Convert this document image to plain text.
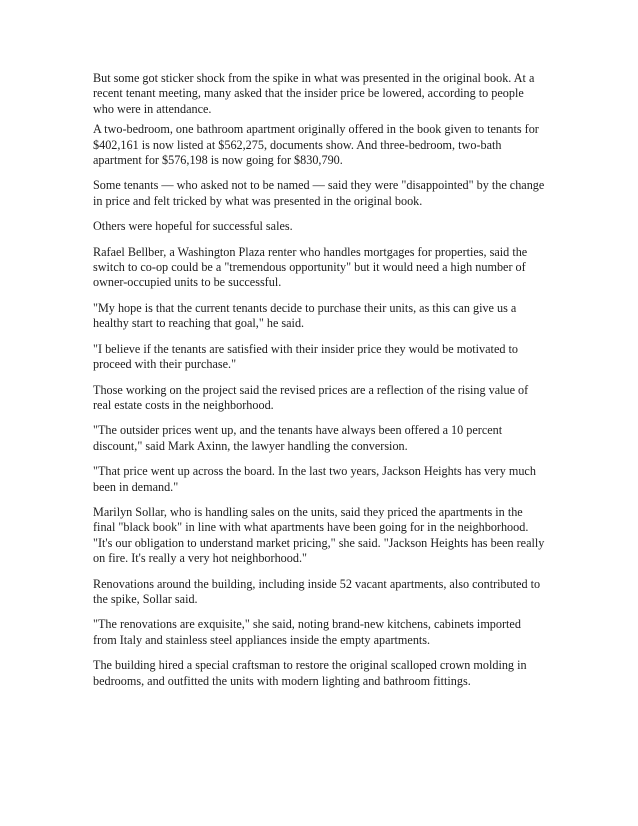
But some got sticker shock from the spike in what was presented in the original book. At a recent tenant meeting, many asked that the insider price be lowered, according to people who were in attendance.

A two-bedroom, one bathroom apartment originally offered in the book given to tenants for $402,161 is now listed at $562,275, documents show. And three-bedroom, two-bath apartment for $576,198 is now going for $830,790.

Some tenants — who asked not to be named — said they were "disappointed" by the change in price and felt tricked by what was presented in the original book.

Others were hopeful for successful sales.

Rafael Bellber, a Washington Plaza renter who handles mortgages for properties, said the switch to co-op could be a "tremendous opportunity" but it would need a high number of owner-occupied units to be successful.

"My hope is that the current tenants decide to purchase their units, as this can give us a healthy start to reaching that goal," he said.

"I believe if the tenants are satisfied with their insider price they would be motivated to proceed with their purchase."

Those working on the project said the revised prices are a reflection of the rising value of real estate costs in the neighborhood.

"The outsider prices went up, and the tenants have always been offered a 10 percent discount," said Mark Axinn, the lawyer handling the conversion.

"That price went up across the board. In the last two years, Jackson Heights has very much been in demand."

Marilyn Sollar, who is handling sales on the units, said they priced the apartments in the final "black book" in line with what apartments have been going for in the neighborhood. "It's our obligation to understand market pricing," she said. "Jackson Heights has been really on fire. It's really a very hot neighborhood."

Renovations around the building, including inside 52 vacant apartments, also contributed to the spike, Sollar said.

"The renovations are exquisite," she said, noting brand-new kitchens, cabinets imported from Italy and stainless steel appliances inside the empty apartments.

The building hired a special craftsman to restore the original scalloped crown molding in bedrooms, and outfitted the units with modern lighting and bathroom fittings.
